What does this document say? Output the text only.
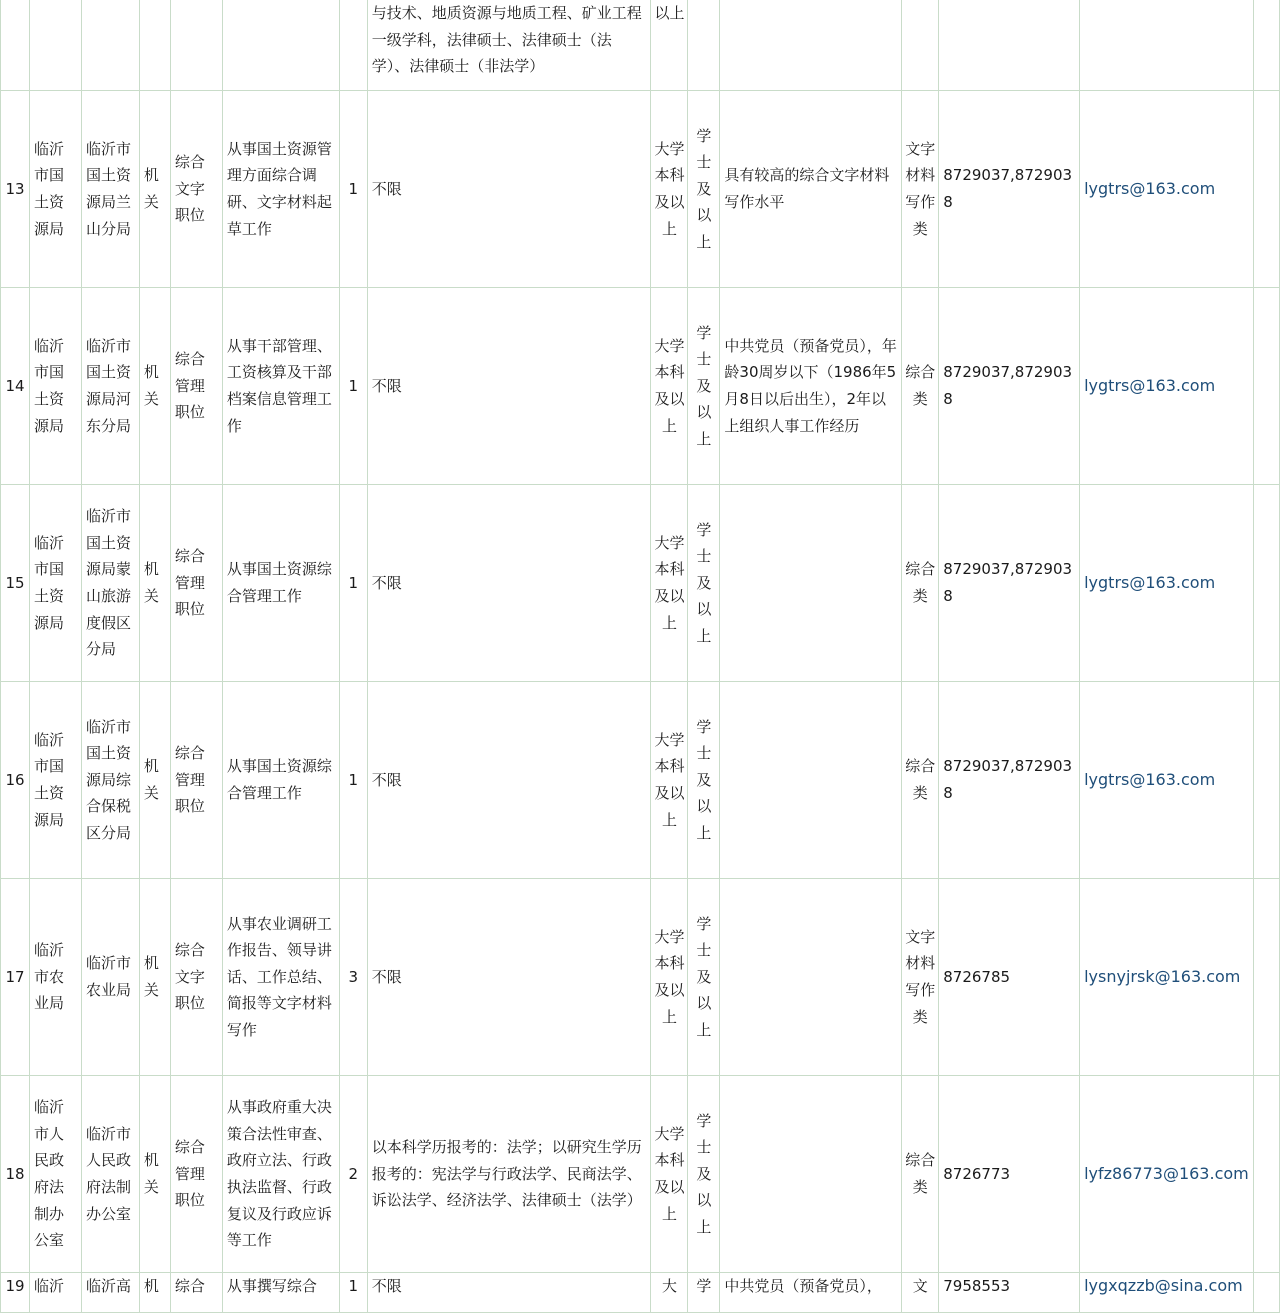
							与技术、地质资源与地质工程、矿业工程一级学科，法律硕士、法律硕士（法学）、法律硕士（非法学）	以上						
13	临沂市国土资源局	临沂市国土资源局兰山分局	机关	综合文字职位	从事国土资源管理方面综合调研、文字材料起草工作	1	不限	大学本科及以上	学士及以上	具有较高的综合文字材料写作水平	文字材料写作类	8729037,8729038	lygtrs@163.com	
14	临沂市国土资源局	临沂市国土资源局河东分局	机关	综合管理职位	从事干部管理、工资核算及干部档案信息管理工作	1	不限	大学本科及以上	学士及以上	中共党员（预备党员），年龄30周岁以下（1986年5月8日以后出生），2年以上组织人事工作经历	综合类	8729037,8729038	lygtrs@163.com	
15	临沂市国土资源局	临沂市国土资源局蒙山旅游度假区分局	机关	综合管理职位	从事国土资源综合管理工作	1	不限	大学本科及以上	学士及以上		综合类	8729037,8729038	lygtrs@163.com	
16	临沂市国土资源局	临沂市国土资源局综合保税区分局	机关	综合管理职位	从事国土资源综合管理工作	1	不限	大学本科及以上	学士及以上		综合类	8729037,8729038	lygtrs@163.com	
17	临沂市农业局	临沂市农业局	机关	综合文字职位	从事农业调研工作报告、领导讲话、工作总结、简报等文字材料写作	3	不限	大学本科及以上	学士及以上		文字材料写作类	8726785	lysnyjrsk@163.com	
18	临沂市人民政府法制办公室	临沂市人民政府法制办公室	机关	综合管理职位	从事政府重大决策合法性审查、政府立法、行政执法监督、行政复议及行政应诉等工作	2	以本科学历报考的：法学；以研究生学历报考的：宪法学与行政法学、民商法学、诉讼法学、经济法学、法律硕士（法学）	大学本科及以上	学士及以上		综合类	8726773	lyfz86773@163.com	
19	临沂	临沂高	机	综合	从事撰写综合	1	不限	大	学	中共党员（预备党员），	文	7958553	lygxqzzb@sina.com	
